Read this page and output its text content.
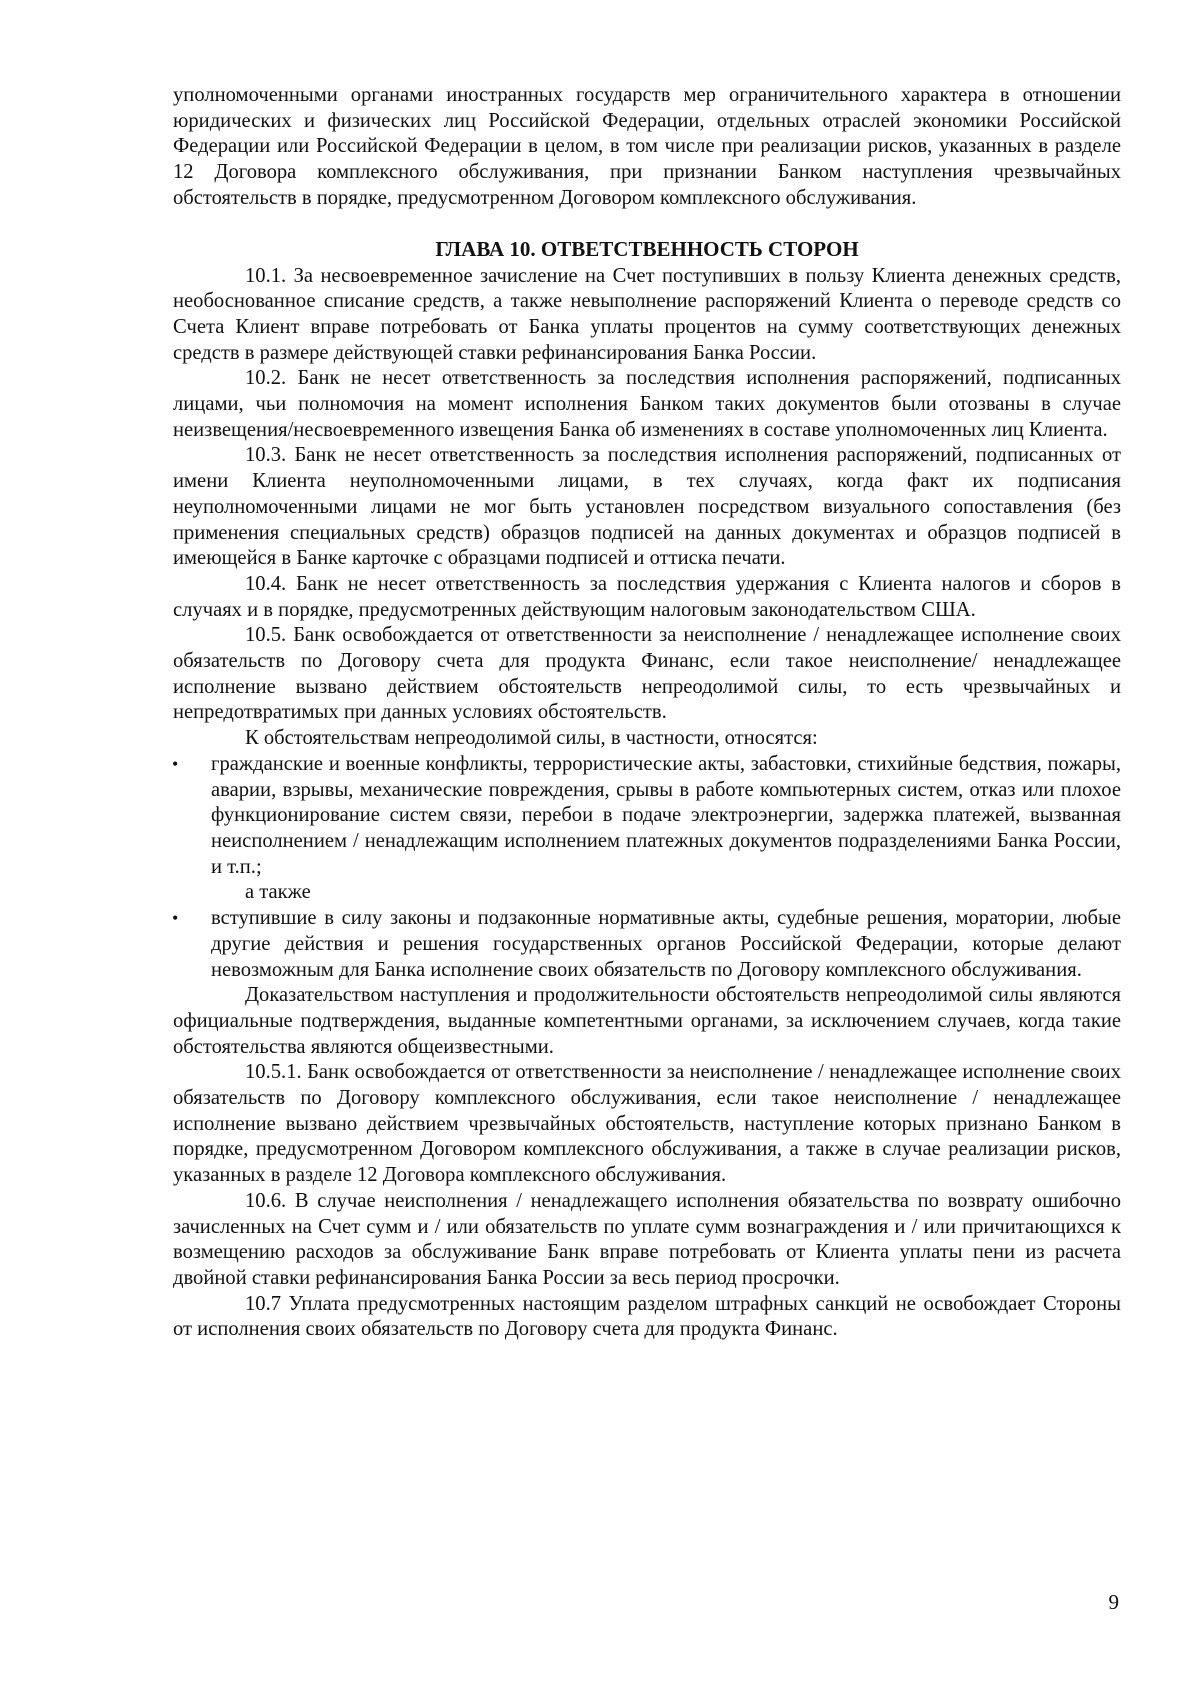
уполномоченными органами иностранных государств мер ограничительного характера в отношении юридических и физических лиц Российской Федерации, отдельных отраслей экономики Российской Федерации или Российской Федерации в целом, в том числе при реализации рисков, указанных в разделе 12 Договора комплексного обслуживания, при признании Банком наступления чрезвычайных обстоятельств в порядке, предусмотренном Договором комплексного обслуживания.

ГЛАВА 10. ОТВЕТСТВЕННОСТЬ СТОРОН

10.1. За несвоевременное зачисление на Счет поступивших в пользу Клиента денежных средств, необоснованное списание средств, а также невыполнение распоряжений Клиента о переводе средств со Счета Клиент вправе потребовать от Банка уплаты процентов на сумму соответствующих денежных средств в размере действующей ставки рефинансирования Банка России.

10.2. Банк не несет ответственность за последствия исполнения распоряжений, подписанных лицами, чьи полномочия на момент исполнения Банком таких документов были отозваны в случае неизвещения/несвоевременного извещения Банка об изменениях в составе уполномоченных лиц Клиента.

10.3. Банк не несет ответственность за последствия исполнения распоряжений, подписанных от имени Клиента неуполномоченными лицами, в тех случаях, когда факт их подписания неуполномоченными лицами не мог быть установлен посредством визуального сопоставления (без применения специальных средств) образцов подписей на данных документах и образцов подписей в имеющейся в Банке карточке с образцами подписей и оттиска печати.

10.4. Банк не несет ответственность за последствия удержания с Клиента налогов и сборов в случаях и в порядке, предусмотренных действующим налоговым законодательством США.

10.5. Банк освобождается от ответственности за неисполнение / ненадлежащее исполнение своих обязательств по Договору счета для продукта Финанс, если такое неисполнение/ ненадлежащее исполнение вызвано действием обстоятельств непреодолимой силы, то есть чрезвычайных и непредотвратимых при данных условиях обстоятельств.

К обстоятельствам непреодолимой силы, в частности, относятся:

• гражданские и военные конфликты, террористические акты, забастовки, стихийные бедствия, пожары, аварии, взрывы, механические повреждения, срывы в работе компьютерных систем, отказ или плохое функционирование систем связи, перебои в подаче электроэнергии, задержка платежей, вызванная неисполнением / ненадлежащим исполнением платежных документов подразделениями Банка России, и т.п.;

а также

• вступившие в силу законы и подзаконные нормативные акты, судебные решения, моратории, любые другие действия и решения государственных органов Российской Федерации, которые делают невозможным для Банка исполнение своих обязательств по Договору комплексного обслуживания.

Доказательством наступления и продолжительности обстоятельств непреодолимой силы являются официальные подтверждения, выданные компетентными органами, за исключением случаев, когда такие обстоятельства являются общеизвестными.

10.5.1. Банк освобождается от ответственности за неисполнение / ненадлежащее исполнение своих обязательств по Договору комплексного обслуживания, если такое неисполнение / ненадлежащее исполнение вызвано действием чрезвычайных обстоятельств, наступление которых признано Банком в порядке, предусмотренном Договором комплексного обслуживания, а также в случае реализации рисков, указанных в разделе 12 Договора комплексного обслуживания.

10.6. В случае неисполнения / ненадлежащего исполнения обязательства по возврату ошибочно зачисленных на Счет сумм и / или обязательств по уплате сумм вознаграждения и / или причитающихся к возмещению расходов за обслуживание Банк вправе потребовать от Клиента уплаты пени из расчета двойной ставки рефинансирования Банка России за весь период просрочки.

10.7 Уплата предусмотренных настоящим разделом штрафных санкций не освобождает Стороны от исполнения своих обязательств по Договору счета для продукта Финанс.

9
